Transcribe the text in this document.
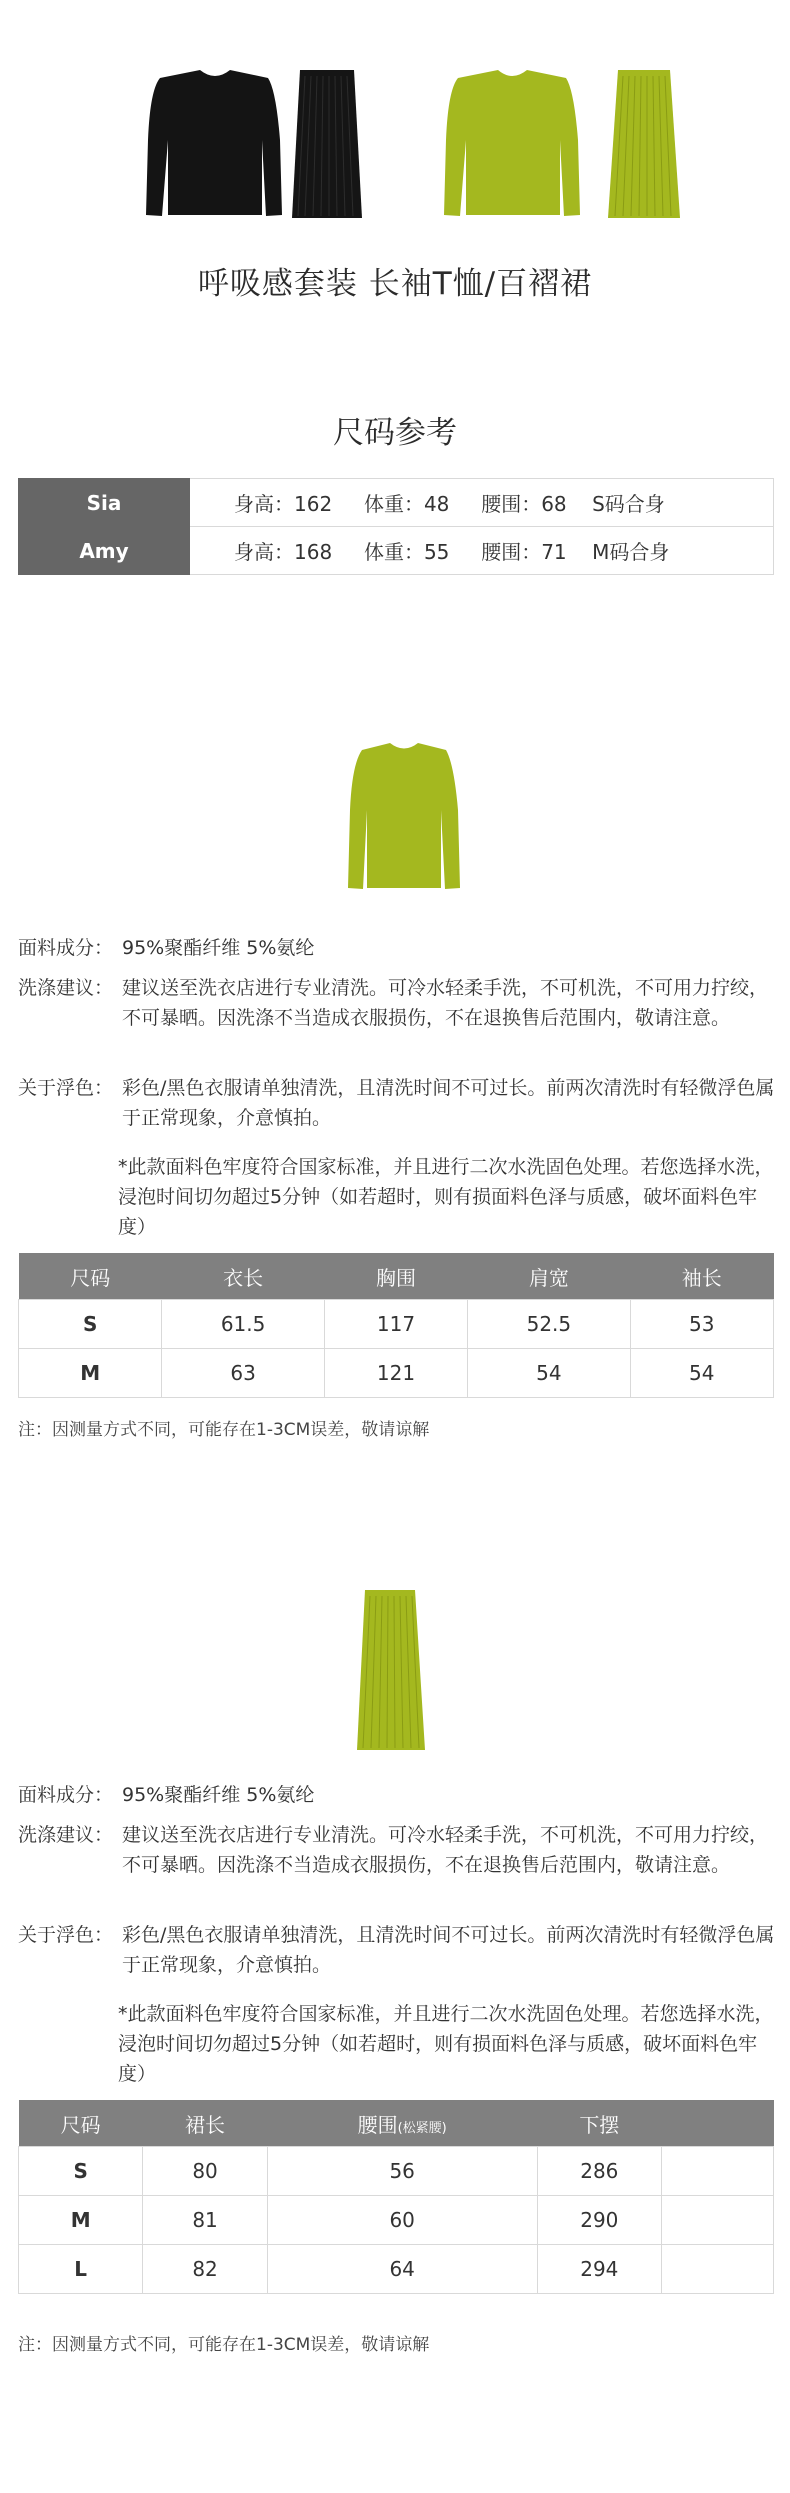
呼吸感套装 长袖T恤/百褶裙
尺码参考
Sia	身高：162     体重：48     腰围：68    S码合身
Amy	身高：168     体重：55     腰围：71    M码合身
面料成分： 95%聚酯纤维 5%氨纶
洗涤建议： 建议送至洗衣店进行专业清洗。可冷水轻柔手洗，不可机洗，不可用力拧绞，不可暴晒。因洗涤不当造成衣服损伤，不在退换售后范围内，敬请注意。
关于浮色： 彩色/黑色衣服请单独清洗，且清洗时间不可过长。前两次清洗时有轻微浮色属于正常现象，介意慎拍。
*此款面料色牢度符合国家标准，并且进行二次水洗固色处理。若您选择水洗，浸泡时间切勿超过5分钟（如若超时，则有损面料色泽与质感，破坏面料色牢度）
尺码	衣长	胸围	肩宽	袖长
S	61.5	117	52.5	53
M	63	121	54	54
注：因测量方式不同，可能存在1-3CM误差，敬请谅解
面料成分： 95%聚酯纤维 5%氨纶
洗涤建议： 建议送至洗衣店进行专业清洗。可冷水轻柔手洗，不可机洗，不可用力拧绞，不可暴晒。因洗涤不当造成衣服损伤，不在退换售后范围内，敬请注意。
关于浮色： 彩色/黑色衣服请单独清洗，且清洗时间不可过长。前两次清洗时有轻微浮色属于正常现象，介意慎拍。
*此款面料色牢度符合国家标准，并且进行二次水洗固色处理。若您选择水洗，浸泡时间切勿超过5分钟（如若超时，则有损面料色泽与质感，破坏面料色牢度）
尺码	裙长	腰围(松紧腰)	下摆	
S	80	56	286	
M	81	60	290	
L	82	64	294	
注：因测量方式不同，可能存在1-3CM误差，敬请谅解
